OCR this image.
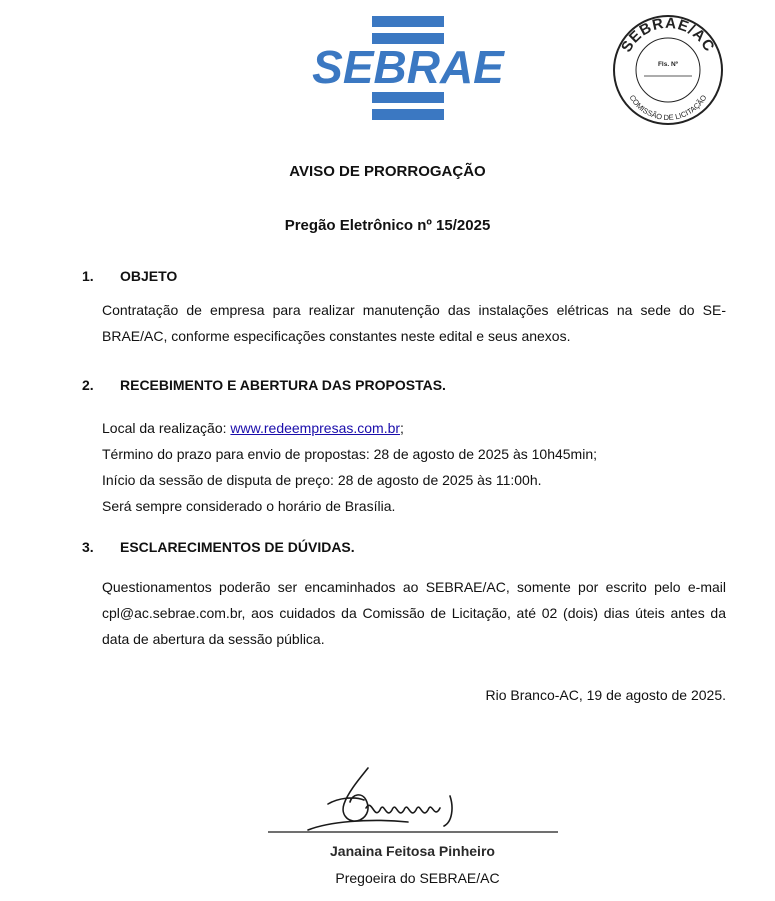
SEBRAE	SEBRAE/AC
COMISSÃO DE LICITAÇÃO
Fls. Nº
AVISO DE PRORROGAÇÃO
Pregão Eletrônico nº 15/2025
1. OBJETO
Contratação de empresa para realizar manutenção das instalações elétricas na sede do SEBRAE/AC, conforme especificações constantes neste edital e seus anexos.
2. RECEBIMENTO E ABERTURA DAS PROPOSTAS.
Local da realização: www.redeempresas.com.br;
Término do prazo para envio de propostas: 28 de agosto de 2025 às 10h45min;
Início da sessão de disputa de preço: 28 de agosto de 2025 às 11:00h.
Será sempre considerado o horário de Brasília.
3. ESCLARECIMENTOS DE DÚVIDAS.
Questionamentos poderão ser encaminhados ao SEBRAE/AC, somente por escrito pelo e-mail cpl@ac.sebrae.com.br, aos cuidados da Comissão de Licitação, até 02 (dois) dias úteis antes da data de abertura da sessão pública.
Rio Branco-AC, 19 de agosto de 2025.
Janaina Feitosa Pinheiro
Pregoeira do SEBRAE/AC
